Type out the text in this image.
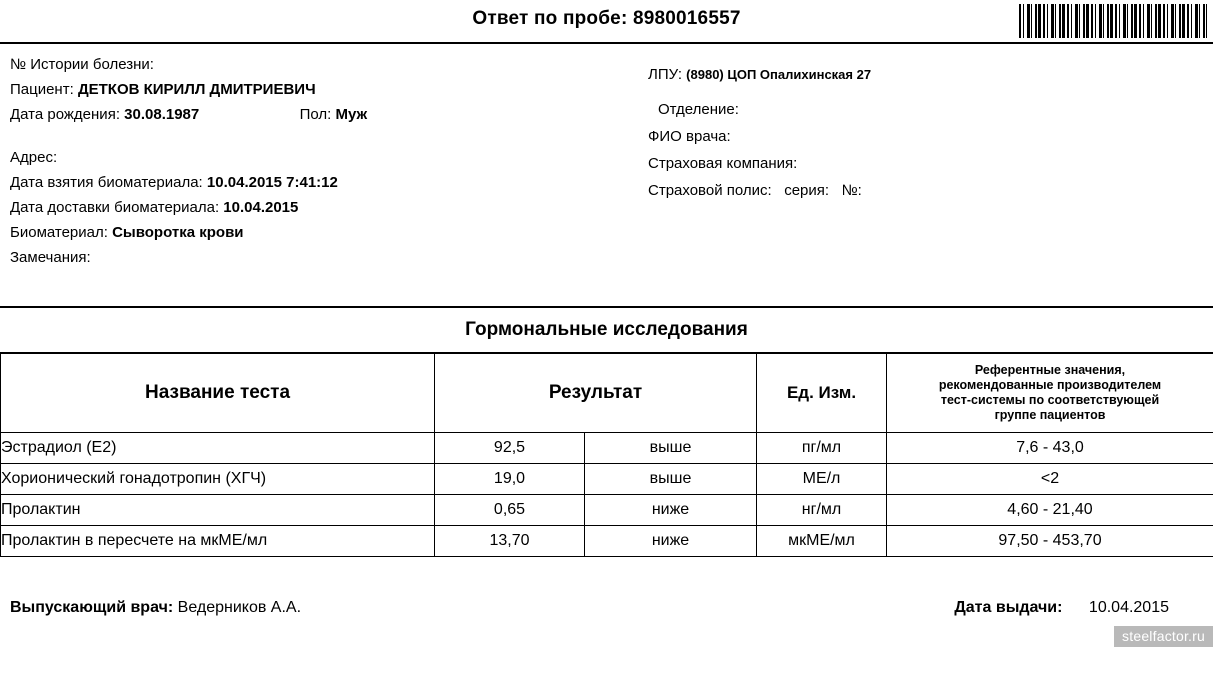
Ответ по пробе: 8980016557
№ Истории болезни:
Пациент: ДЕТКОВ КИРИЛЛ ДМИТРИЕВИЧ
Дата рождения: 30.08.1987	Пол: Муж
Адрес:
Дата взятия биоматериала: 10.04.2015 7:41:12
Дата доставки биоматериала: 10.04.2015
Биоматериал: Сыворотка крови
Замечания:
ЛПУ: (8980) ЦОП Опалихинская 27
Отделение:
ФИО врача:
Страховая компания:
Страховой полис: серия: №:
Гормональные исследования
Название теста	Результат		Ед. Изм.	Референтные значения,
рекомендованные производителем
тест-системы по соответствующей
группе пациентов

Эстрадиол (Е2)	92,5	выше	пг/мл	7,6 - 43,0
Хорионический гонадотропин (ХГЧ)	19,0	выше	МЕ/л	<2
Пролактин	0,65	ниже	нг/мл	4,60 - 21,40
Пролактин в пересчете на мкМЕ/мл	13,70	ниже	мкМЕ/мл	97,50 - 453,70
Выпускающий врач: Ведерников А.А.	Дата выдачи: 10.04.2015
steelfactor.ru
